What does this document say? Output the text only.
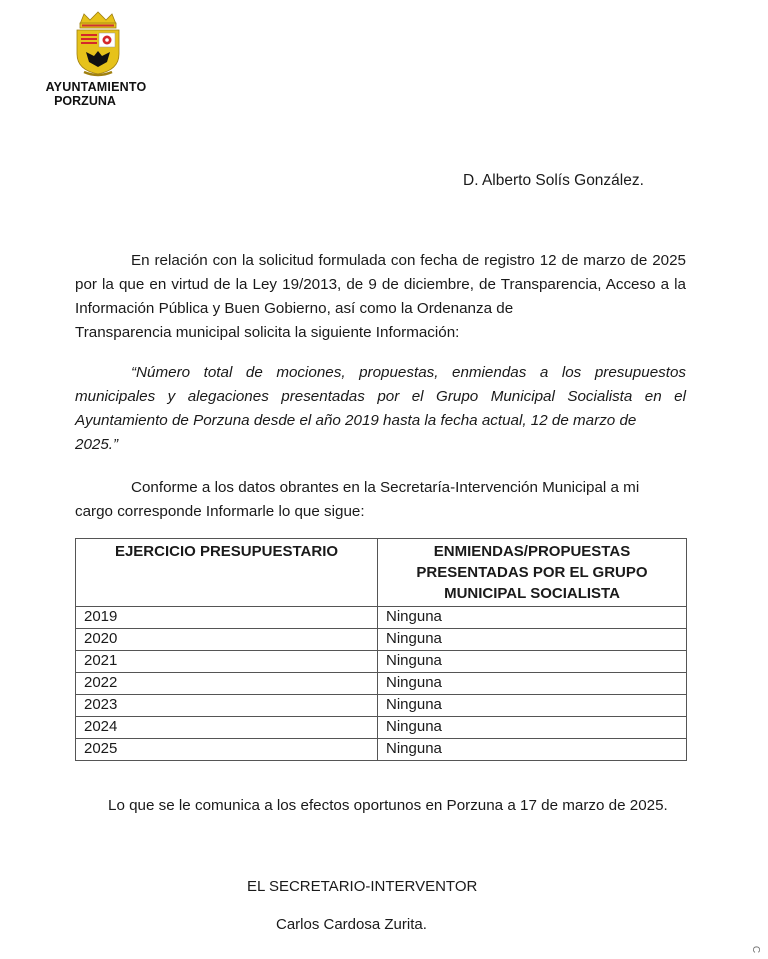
AYUNTAMIENTO
PORZUNA
D. Alberto Solís González.
En relación con la solicitud formulada con fecha de registro 12 de marzo de 2025 por la que en virtud de la Ley 19/2013, de 9 de diciembre, de Transparencia, Acceso a la Información Pública y Buen Gobierno, así como la Ordenanza de
Transparencia municipal solicita la siguiente Información:
“Número total de mociones, propuestas, enmiendas a los presupuestos municipales y alegaciones presentadas por el Grupo Municipal Socialista en el Ayuntamiento de Porzuna desde el año 2019 hasta la fecha actual, 12 de marzo de
2025.”
Conforme a los datos obrantes en la Secretaría-Intervención Municipal a mi
cargo corresponde Informarle lo que sigue:
EJERCICIO PRESUPUESTARIO	ENMIENDAS/PROPUESTAS PRESENTADAS POR EL GRUPO MUNICIPAL SOCIALISTA
2019	Ninguna
2020	Ninguna
2021	Ninguna
2022	Ninguna
2023	Ninguna
2024	Ninguna
2025	Ninguna
Lo que se le comunica a los efectos oportunos en Porzuna a 17 de marzo de 2025.
EL SECRETARIO-INTERVENTOR
Carlos Cardosa Zurita.
C
